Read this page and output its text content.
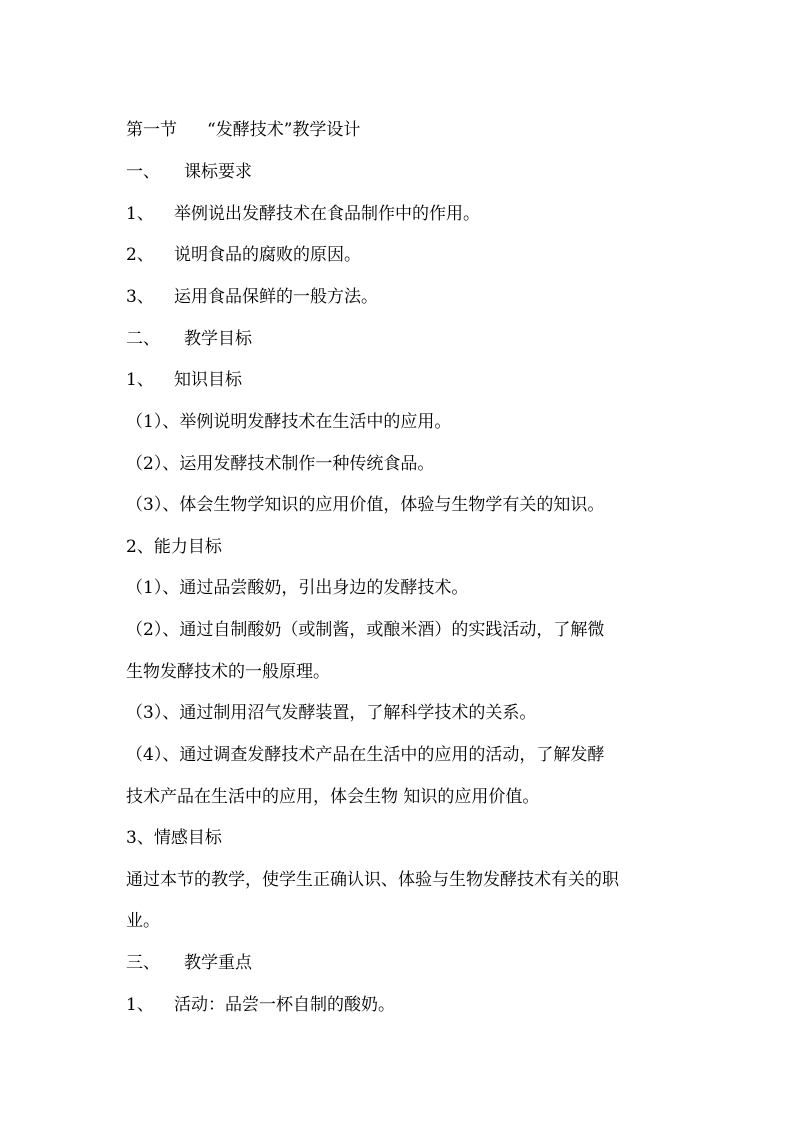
第一节 “发酵技术”教学设计
一、 课标要求
1、 举例说出发酵技术在食品制作中的作用。
2、 说明食品的腐败的原因。
3、 运用食品保鲜的一般方法。
二、 教学目标
1、 知识目标
（1）、举例说明发酵技术在生活中的应用。
（2）、运用发酵技术制作一种传统食品。
（3）、体会生物学知识的应用价值，体验与生物学有关的知识。
2、能力目标
（1）、通过品尝酸奶，引出身边的发酵技术。
（2）、通过自制酸奶（或制酱，或酿米酒）的实践活动，了解微
生物发酵技术的一般原理。
（3）、通过制用沼气发酵装置，了解科学技术的关系。
（4）、通过调查发酵技术产品在生活中的应用的活动，了解发酵
技术产品在生活中的应用，体会生物 知识的应用价值。
3、情感目标
通过本节的教学，使学生正确认识、体验与生物发酵技术有关的职
业。
三、 教学重点
1、 活动：品尝一杯自制的酸奶。
